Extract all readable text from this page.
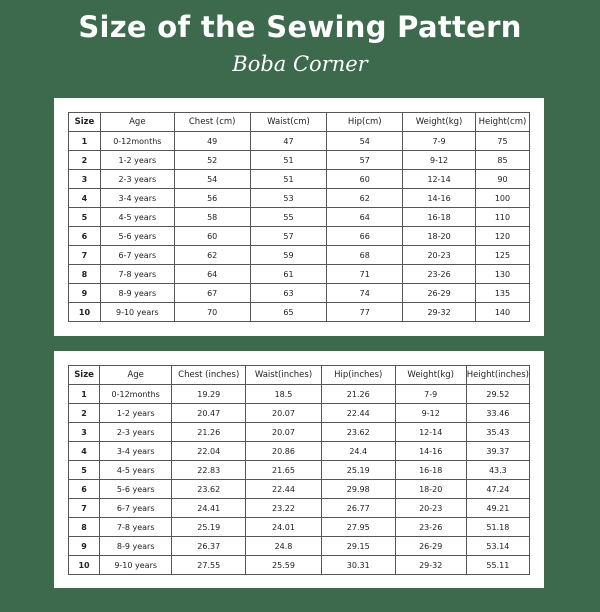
Size of the Sewing Pattern
Boba Corner
Size	Age	Chest (cm)	Waist(cm)	Hip(cm)	Weight(kg)	Height(cm)
1	0-12months	49	47	54	7-9	75
2	1-2 years	52	51	57	9-12	85
3	2-3 years	54	51	60	12-14	90
4	3-4 years	56	53	62	14-16	100
5	4-5 years	58	55	64	16-18	110
6	5-6 years	60	57	66	18-20	120
7	6-7 years	62	59	68	20-23	125
8	7-8 years	64	61	71	23-26	130
9	8-9 years	67	63	74	26-29	135
10	9-10 years	70	65	77	29-32	140
Size	Age	Chest (inches)	Waist(inches)	Hip(inches)	Weight(kg)	Height(inches)
1	0-12months	19.29	18.5	21.26	7-9	29.52
2	1-2 years	20.47	20.07	22.44	9-12	33.46
3	2-3 years	21.26	20.07	23.62	12-14	35.43
4	3-4 years	22.04	20.86	24.4	14-16	39.37
5	4-5 years	22.83	21.65	25.19	16-18	43.3
6	5-6 years	23.62	22.44	29.98	18-20	47.24
7	6-7 years	24.41	23.22	26.77	20-23	49.21
8	7-8 years	25.19	24.01	27.95	23-26	51.18
9	8-9 years	26.37	24.8	29.15	26-29	53.14
10	9-10 years	27.55	25.59	30.31	29-32	55.11
